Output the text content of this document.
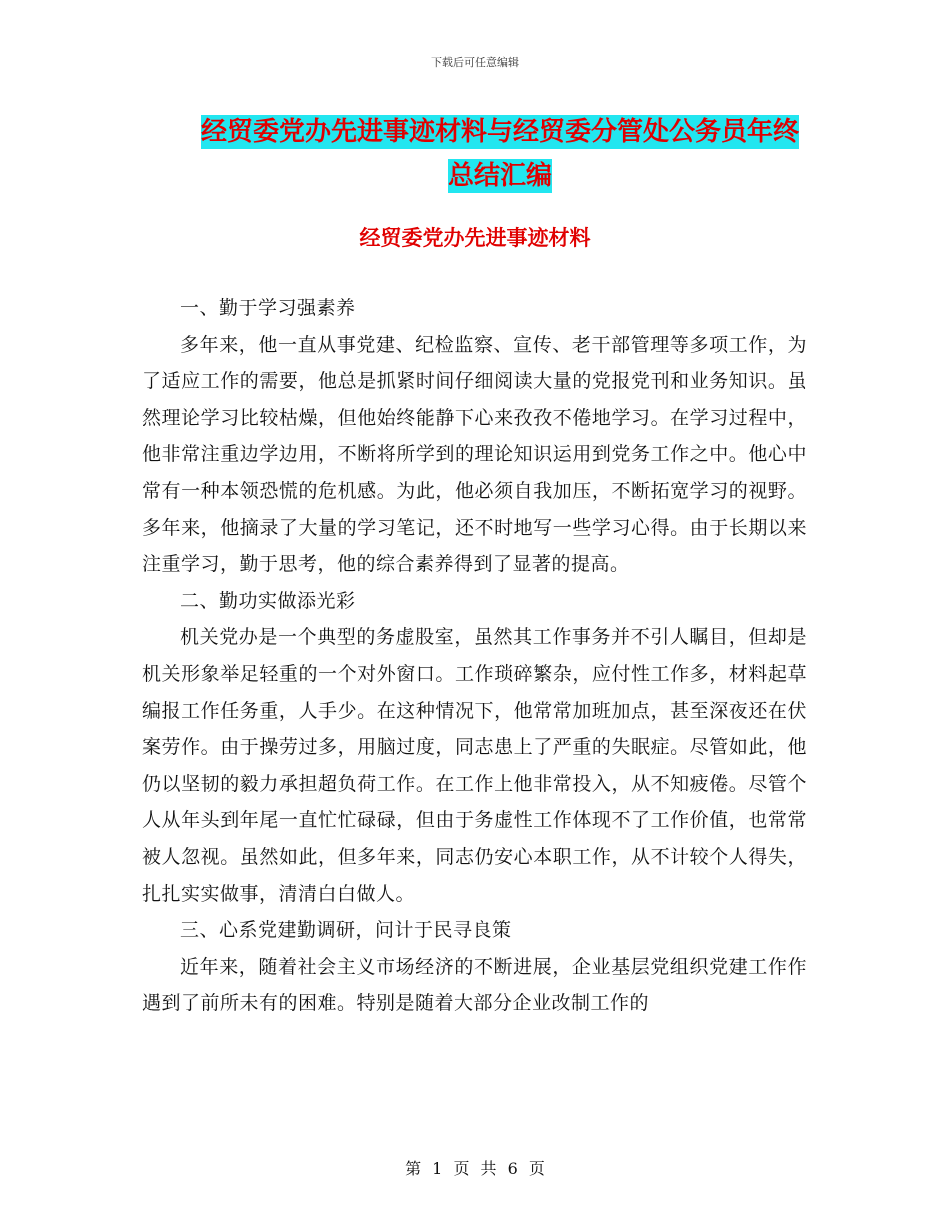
下载后可任意编辑
经贸委党办先进事迹材料与经贸委分管处公务员年终
总结汇编
经贸委党办先进事迹材料

一、勤于学习强素养

多年来，他一直从事党建、纪检监察、宣传、老干部管理等多项工作，为了适应工作的需要，他总是抓紧时间仔细阅读大量的党报党刊和业务知识。虽然理论学习比较枯燥，但他始终能静下心来孜孜不倦地学习。在学习过程中，他非常注重边学边用，不断将所学到的理论知识运用到党务工作之中。他心中常有一种本领恐慌的危机感。为此，他必须自我加压，不断拓宽学习的视野。多年来，他摘录了大量的学习笔记，还不时地写一些学习心得。由于长期以来注重学习，勤于思考，他的综合素养得到了显著的提高。

二、勤功实做添光彩

机关党办是一个典型的务虚股室，虽然其工作事务并不引人瞩目，但却是机关形象举足轻重的一个对外窗口。工作琐碎繁杂，应付性工作多，材料起草编报工作任务重，人手少。在这种情况下，他常常加班加点，甚至深夜还在伏案劳作。由于操劳过多，用脑过度，同志患上了严重的失眠症。尽管如此，他仍以坚韧的毅力承担超负荷工作。在工作上他非常投入，从不知疲倦。尽管个人从年头到年尾一直忙忙碌碌，但由于务虚性工作体现不了工作价值，也常常被人忽视。虽然如此，但多年来，同志仍安心本职工作，从不计较个人得失，扎扎实实做事，清清白白做人。

三、心系党建勤调研，问计于民寻良策

近年来，随着社会主义市场经济的不断进展，企业基层党组织党建工作作遇到了前所未有的困难。特别是随着大部分企业改制工作的

第 1 页 共 6 页
